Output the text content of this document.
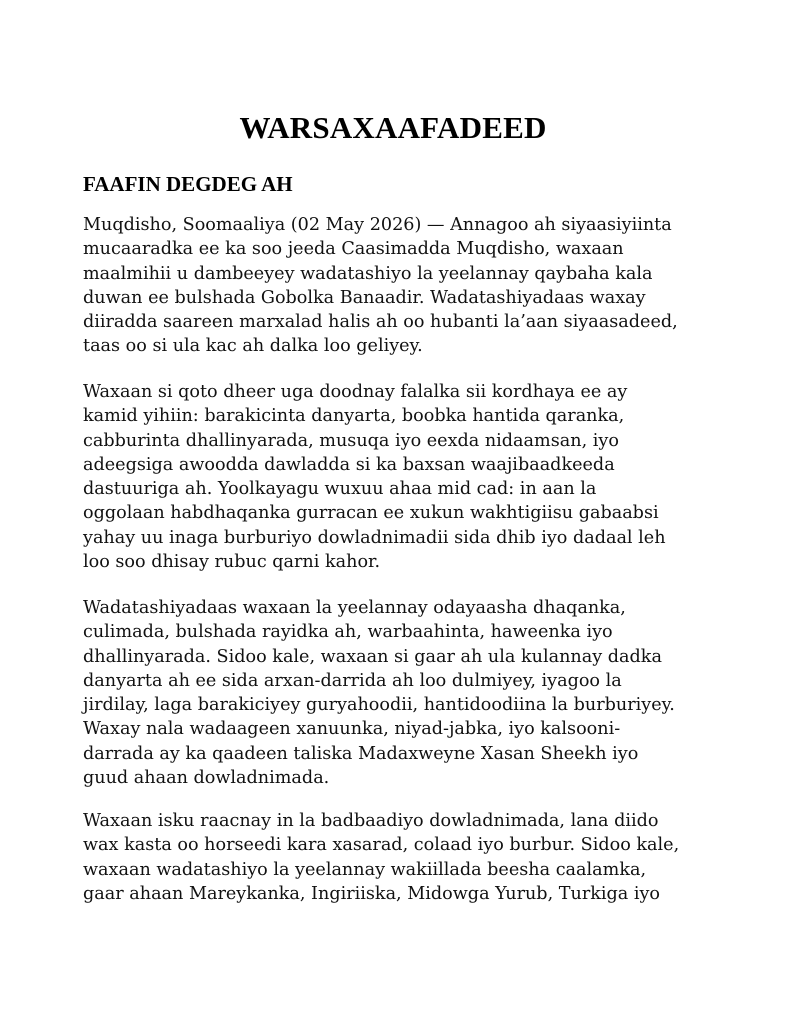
WARSAXAAFADEED
FAAFIN DEGDEG AH

Muqdisho, Soomaaliya (02 May 2026) — Annagoo ah siyaasiyiinta
mucaaradka ee ka soo jeeda Caasimadda Muqdisho, waxaan
maalmihii u dambeeyey wadatashiyo la yeelannay qaybaha kala
duwan ee bulshada Gobolka Banaadir. Wadatashiyadaas waxay
diiradda saareen marxalad halis ah oo hubanti la’aan siyaasadeed,
taas oo si ula kac ah dalka loo geliyey.

Waxaan si qoto dheer uga doodnay falalka sii kordhaya ee ay
kamid yihiin: barakicinta danyarta, boobka hantida qaranka,
cabburinta dhallinyarada, musuqa iyo eexda nidaamsan, iyo
adeegsiga awoodda dawladda si ka baxsan waajibaadkeeda
dastuuriga ah. Yoolkayagu wuxuu ahaa mid cad: in aan la
oggolaan habdhaqanka gurracan ee xukun wakhtigiisu gabaabsi
yahay uu inaga burburiyo dowladnimadii sida dhib iyo dadaal leh
loo soo dhisay rubuc qarni kahor.

Wadatashiyadaas waxaan la yeelannay odayaasha dhaqanka,
culimada, bulshada rayidka ah, warbaahinta, haweenka iyo
dhallinyarada. Sidoo kale, waxaan si gaar ah ula kulannay dadka
danyarta ah ee sida arxan-darrida ah loo dulmiyey, iyagoo la
jirdilay, laga barakiciyey guryahoodii, hantidoodiina la burburiyey.
Waxay nala wadaageen xanuunka, niyad-jabka, iyo kalsooni-
darrada ay ka qaadeen taliska Madaxweyne Xasan Sheekh iyo
guud ahaan dowladnimada.

Waxaan isku raacnay in la badbaadiyo dowladnimada, lana diido
wax kasta oo horseedi kara xasarad, colaad iyo burbur. Sidoo kale,
waxaan wadatashiyo la yeelannay wakiillada beesha caalamka,
gaar ahaan Mareykanka, Ingiriiska, Midowga Yurub, Turkiga iyo
